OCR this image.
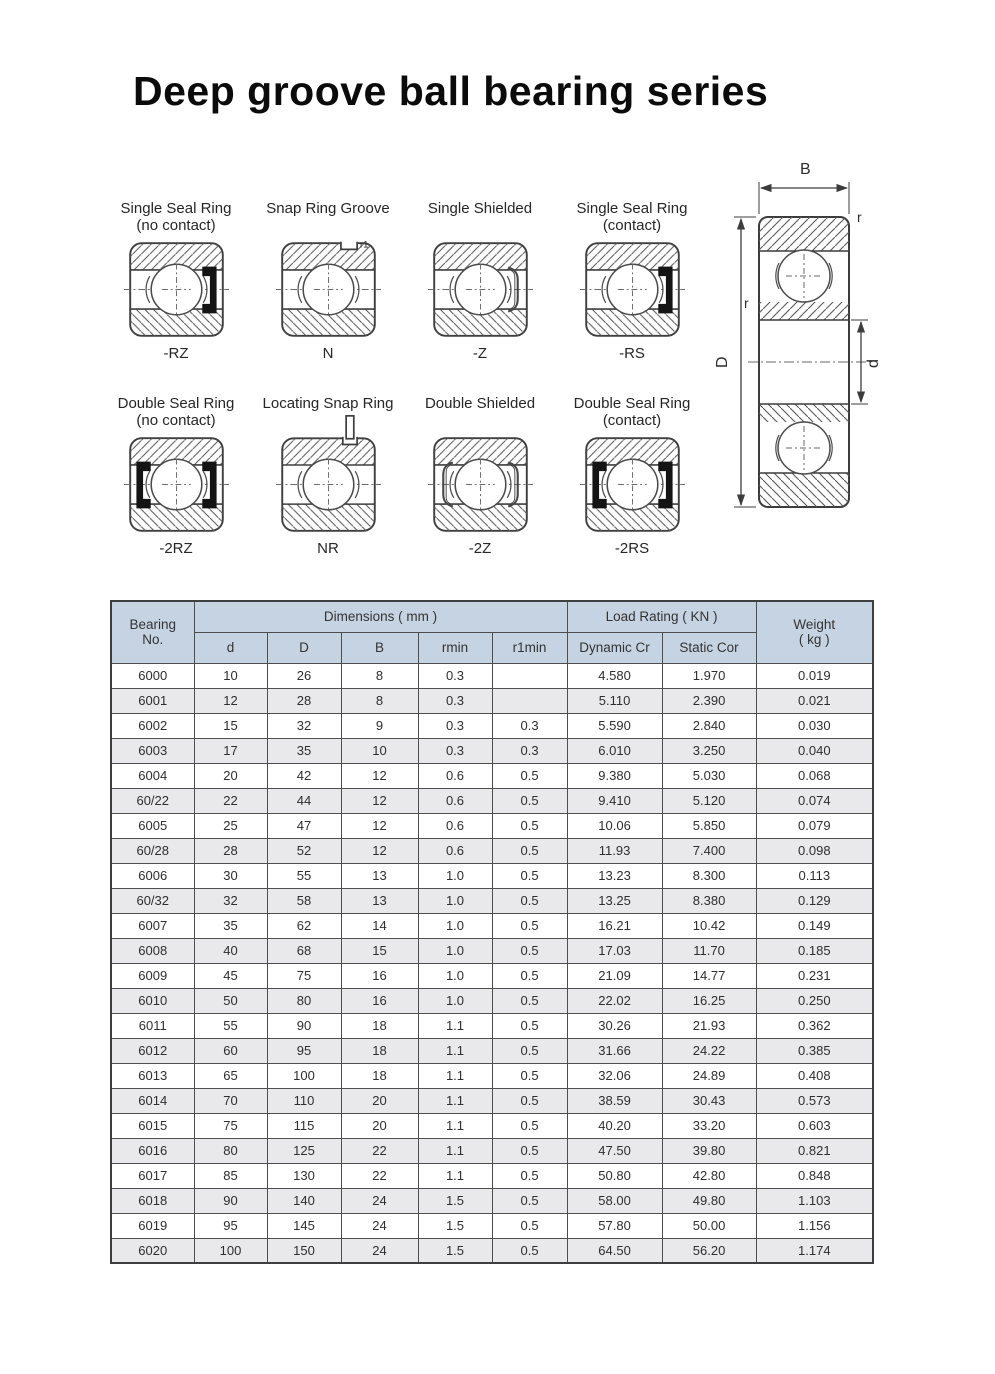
Deep groove ball bearing series
Single Seal Ring
(no contact)
-RZ
Snap Ring Groove
r1
N
Single Shielded
-Z
Single Seal Ring
(contact)
-RS
Double Seal Ring
(no contact)
-2RZ
Locating Snap Ring
NR
Double Shielded
-2Z
Double Seal Ring
(contact)
-2RS
B
r
r
D	d
Bearing
No.
	Dimensions ( mm )	Load Rating ( KN )	
Weight
( kg )

	d	D	B	rmin	r1min	Dynamic Cr	Static Cor	
6000	10	26	8	0.3		4.580	1.970	0.019
6001	12	28	8	0.3		5.110	2.390	0.021
6002	15	32	9	0.3	0.3	5.590	2.840	0.030
6003	17	35	10	0.3	0.3	6.010	3.250	0.040
6004	20	42	12	0.6	0.5	9.380	5.030	0.068
60/22	22	44	12	0.6	0.5	9.410	5.120	0.074
6005	25	47	12	0.6	0.5	10.06	5.850	0.079
60/28	28	52	12	0.6	0.5	11.93	7.400	0.098
6006	30	55	13	1.0	0.5	13.23	8.300	0.113
60/32	32	58	13	1.0	0.5	13.25	8.380	0.129
6007	35	62	14	1.0	0.5	16.21	10.42	0.149
6008	40	68	15	1.0	0.5	17.03	11.70	0.185
6009	45	75	16	1.0	0.5	21.09	14.77	0.231
6010	50	80	16	1.0	0.5	22.02	16.25	0.250
6011	55	90	18	1.1	0.5	30.26	21.93	0.362
6012	60	95	18	1.1	0.5	31.66	24.22	0.385
6013	65	100	18	1.1	0.5	32.06	24.89	0.408
6014	70	110	20	1.1	0.5	38.59	30.43	0.573
6015	75	115	20	1.1	0.5	40.20	33.20	0.603
6016	80	125	22	1.1	0.5	47.50	39.80	0.821
6017	85	130	22	1.1	0.5	50.80	42.80	0.848
6018	90	140	24	1.5	0.5	58.00	49.80	1.103
6019	95	145	24	1.5	0.5	57.80	50.00	1.156
6020	100	150	24	1.5	0.5	64.50	56.20	1.174
